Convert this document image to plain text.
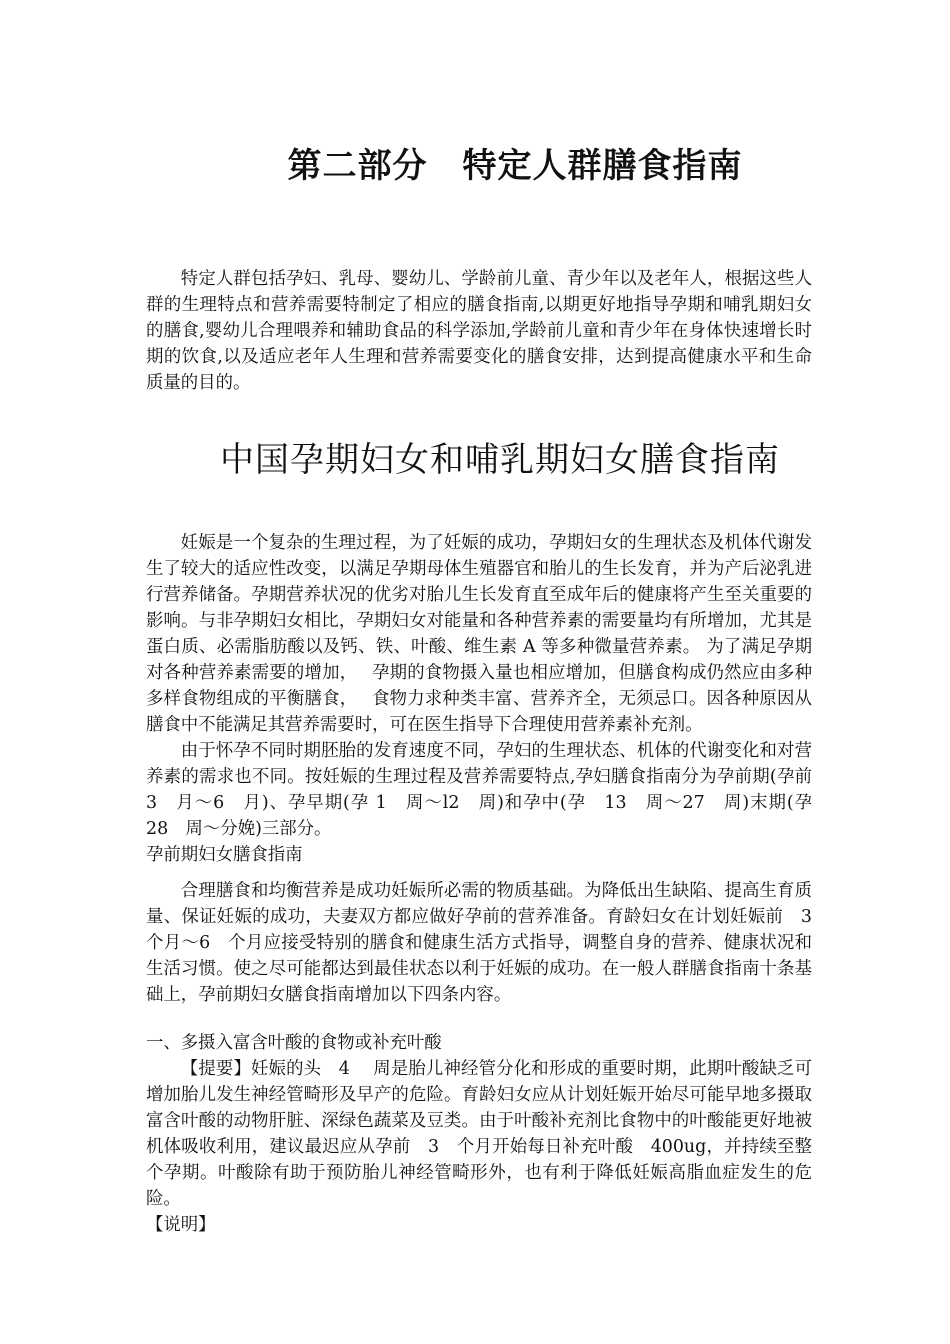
第二部分　特定人群膳食指南

特定人群包括孕妇、乳母、婴幼儿、学龄前儿童、青少年以及老年人，根据这些人群的生理特点和营养需要特制定了相应的膳食指南,以期更好地指导孕期和哺乳期妇女的膳食,婴幼儿合理喂养和辅助食品的科学添加,学龄前儿童和青少年在身体快速增长时期的饮食,以及适应老年人生理和营养需要变化的膳食安排，达到提高健康水平和生命质量的目的。

中国孕期妇女和哺乳期妇女膳食指南

妊娠是一个复杂的生理过程，为了妊娠的成功，孕期妇女的生理状态及机体代谢发生了较大的适应性改变，以满足孕期母体生殖器官和胎儿的生长发育，并为产后泌乳进行营养储备。孕期营养状况的优劣对胎儿生长发育直至成年后的健康将产生至关重要的影响。与非孕期妇女相比，孕期妇女对能量和各种营养素的需要量均有所增加，尤其是蛋白质、必需脂肪酸以及钙、铁、叶酸、维生素 A 等多种微量营养素。 为了满足孕期对各种营养素需要的增加，　 孕期的食物摄入量也相应增加，但膳食构成仍然应由多种多样食物组成的平衡膳食，　 食物力求种类丰富、营养齐全，无须忌口。因各种原因从膳食中不能满足其营养需要时，可在医生指导下合理使用营养素补充剂。

由于怀孕不同时期胚胎的发育速度不同，孕妇的生理状态、机体的代谢变化和对营养素的需求也不同。按妊娠的生理过程及营养需要特点,孕妇膳食指南分为孕前期(孕前　3　月～6　月)、孕早期(孕 1　周～l2　周)和孕中(孕　13　周～27　周)末期(孕　28　周～分娩)三部分。

孕前期妇女膳食指南

合理膳食和均衡营养是成功妊娠所必需的物质基础。为降低出生缺陷、提高生育质量、保证妊娠的成功，夫妻双方都应做好孕前的营养准备。育龄妇女在计划妊娠前　3　个月～6　个月应接受特别的膳食和健康生活方式指导，调整自身的营养、健康状况和生活习惯。使之尽可能都达到最佳状态以利于妊娠的成功。在一般人群膳食指南十条基础上，孕前期妇女膳食指南增加以下四条内容。

一、多摄入富含叶酸的食物或补充叶酸

【提要】妊娠的头　4　 周是胎儿神经管分化和形成的重要时期，此期叶酸缺乏可增加胎儿发生神经管畸形及早产的危险。育龄妇女应从计划妊娠开始尽可能早地多摄取富含叶酸的动物肝脏、深绿色蔬菜及豆类。由于叶酸补充剂比食物中的叶酸能更好地被机体吸收利用，建议最迟应从孕前　3　个月开始每日补充叶酸　400ug，并持续至整个孕期。叶酸除有助于预防胎儿神经管畸形外，也有利于降低妊娠高脂血症发生的危险。

【说明】
